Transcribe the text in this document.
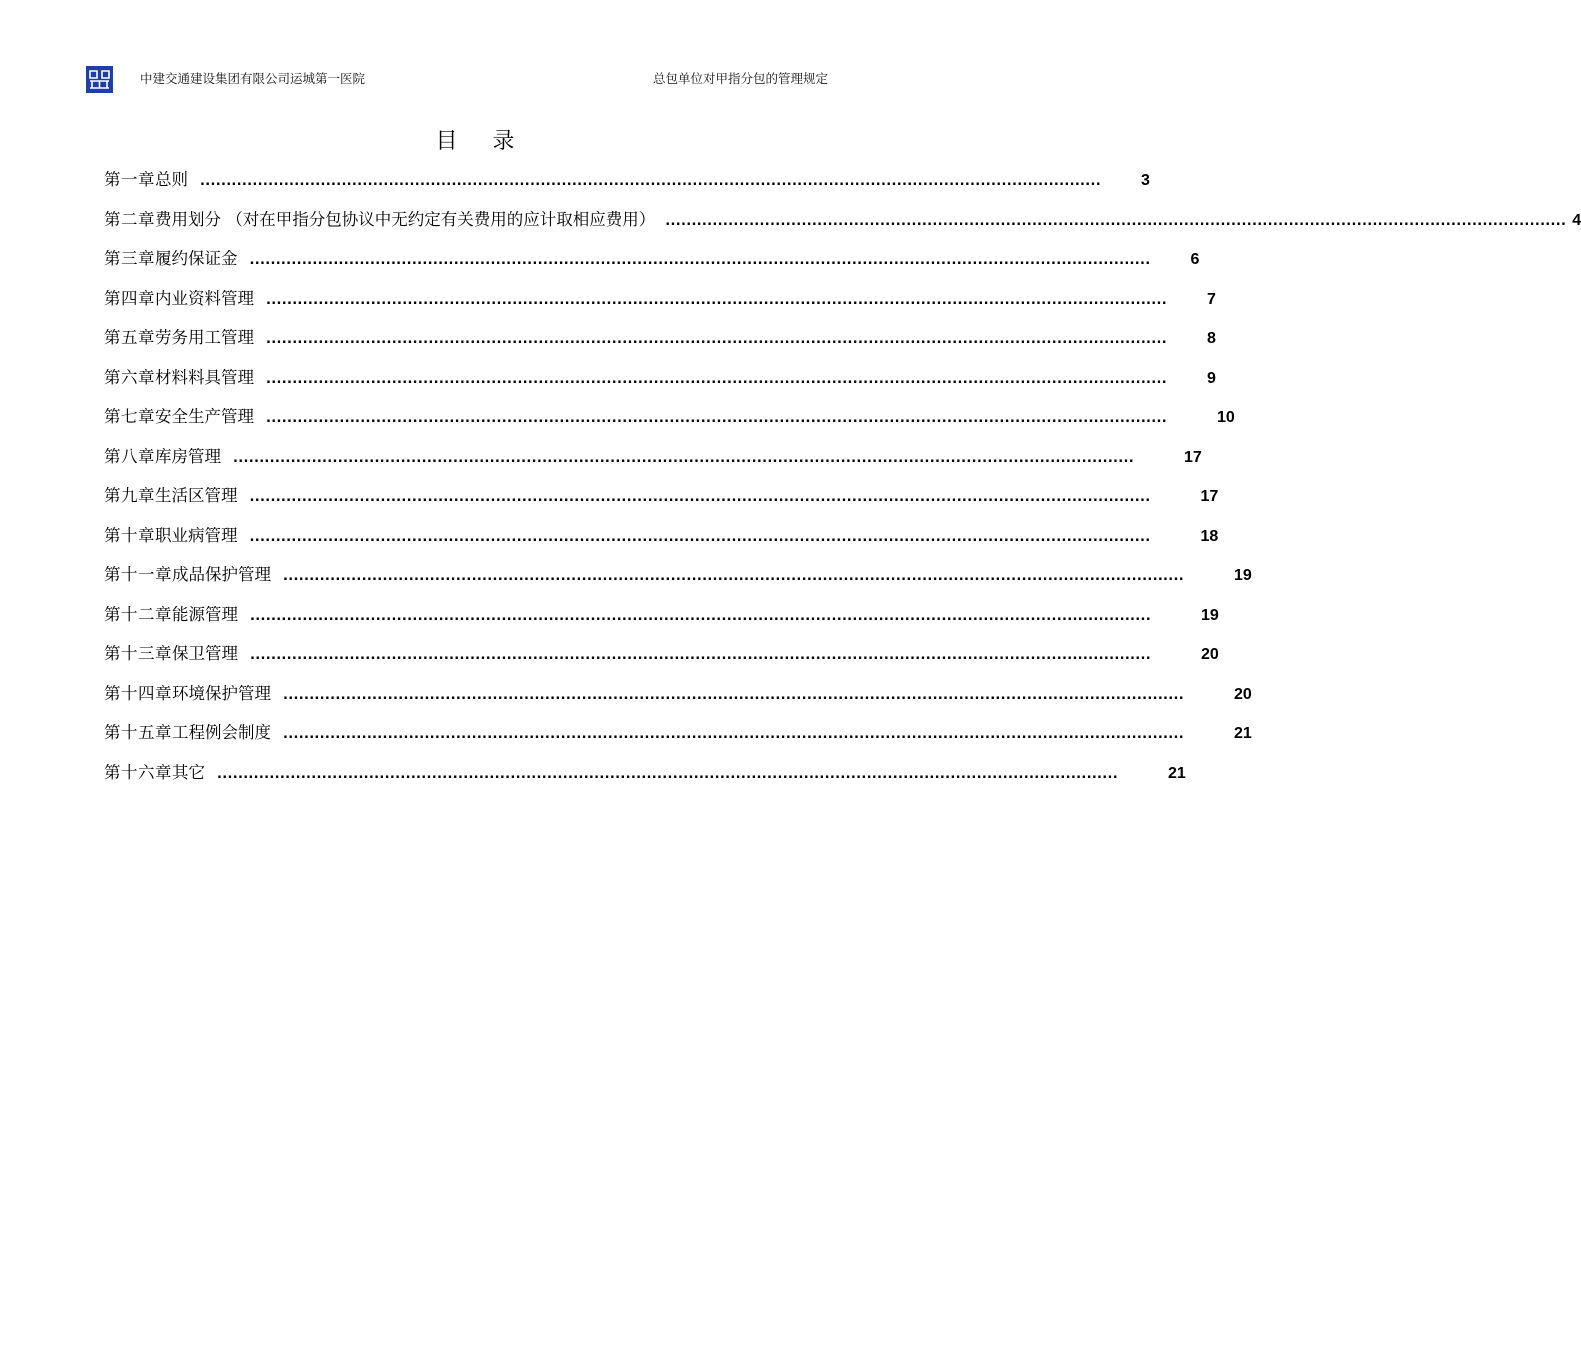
中建交通建设集团有限公司运城第一医院	总包单位对甲指分包的管理规定
目 录
第一章 总则 ............................................................................................................................................................................	3
第二章 费用划分 （对在甲指分包协议中无约定有关费用的应计取相应费用） ............................................................................................................................................................................ 4
第三章 履约保证金 ............................................................................................................................................................................	6
第四章 内业资料管理 ............................................................................................................................................................................	7
第五章 劳务用工管理 ............................................................................................................................................................................	8
第六章 材料料具管理 ............................................................................................................................................................................	9
第七章 安全生产管理 ............................................................................................................................................................................	10
第八章 库房管理 ............................................................................................................................................................................	17
第九章 生活区管理 ............................................................................................................................................................................	17
第十章 职业病管理 ............................................................................................................................................................................	18
第十一章 成品保护管理 ............................................................................................................................................................................	19
第十二章 能源管理 ............................................................................................................................................................................	19
第十三章 保卫管理 ............................................................................................................................................................................	20
第十四章 环境保护管理 ............................................................................................................................................................................	20
第十五章 工程例会制度 ............................................................................................................................................................................	21
第十六章 其它 ............................................................................................................................................................................	21
